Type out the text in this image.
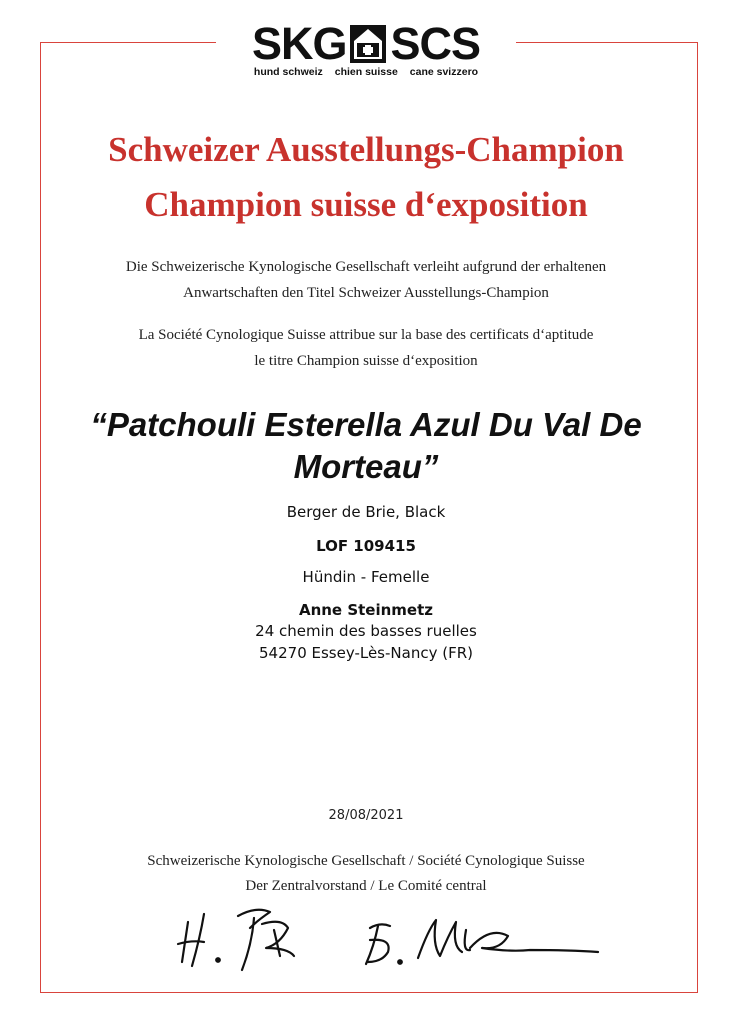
SKG SCS
hund schweiz chien suisse cane svizzero
Schweizer Ausstellungs-Champion
Champion suisse d‘exposition
Die Schweizerische Kynologische Gesellschaft verleiht aufgrund der erhaltenen
Anwartschaften den Titel Schweizer Ausstellungs-Champion
La Société Cynologique Suisse attribue sur la base des certificats d‘aptitude
le titre Champion suisse d‘exposition
“Patchouli Esterella Azul Du Val De Morteau”
Berger de Brie, Black
LOF 109415
Hündin - Femelle
Anne Steinmetz
24 chemin des basses ruelles
54270 Essey-Lès-Nancy (FR)
28/08/2021
Schweizerische Kynologische Gesellschaft / Société Cynologique Suisse
Der Zentralvorstand / Le Comité central
